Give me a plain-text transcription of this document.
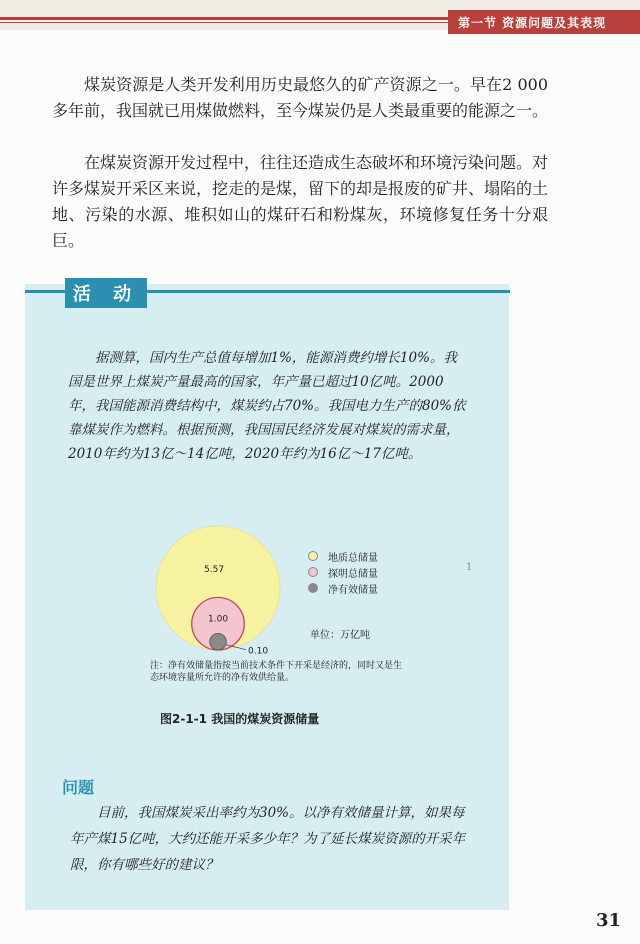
第一节 资源问题及其表现

煤炭资源是人类开发利用历史最悠久的矿产资源之一。早在2 000多年前，我国就已用煤做燃料，至今煤炭仍是人类最重要的能源之一。

在煤炭资源开发过程中，往往还造成生态破坏和环境污染问题。对许多煤炭开采区来说，挖走的是煤，留下的却是报废的矿井、塌陷的土地、污染的水源、堆积如山的煤矸石和粉煤灰，环境修复任务十分艰巨。

活 动

据测算，国内生产总值每增加1%，能源消费约增长10%。我国是世界上煤炭产量最高的国家，年产量已超过10亿吨。2000年，我国能源消费结构中，煤炭约占70%。我国电力生产的80%依靠煤炭作为燃料。根据预测，我国国民经济发展对煤炭的需求量，2010年约为13亿～14亿吨，2020年约为16亿～17亿吨。

5.57
1.00
0.10
地质总储量
探明总储量
净有效储量
单位：万亿吨
1

注：净有效储量指按当前技术条件下开采是经济的，同时又是生态环境容量所允许的净有效供给量。

图2-1-1 我国的煤炭资源储量
问题

目前，我国煤炭采出率约为30%。以净有效储量计算，如果每年产煤15亿吨，大约还能开采多少年？为了延长煤炭资源的开采年限，你有哪些好的建议？

31
